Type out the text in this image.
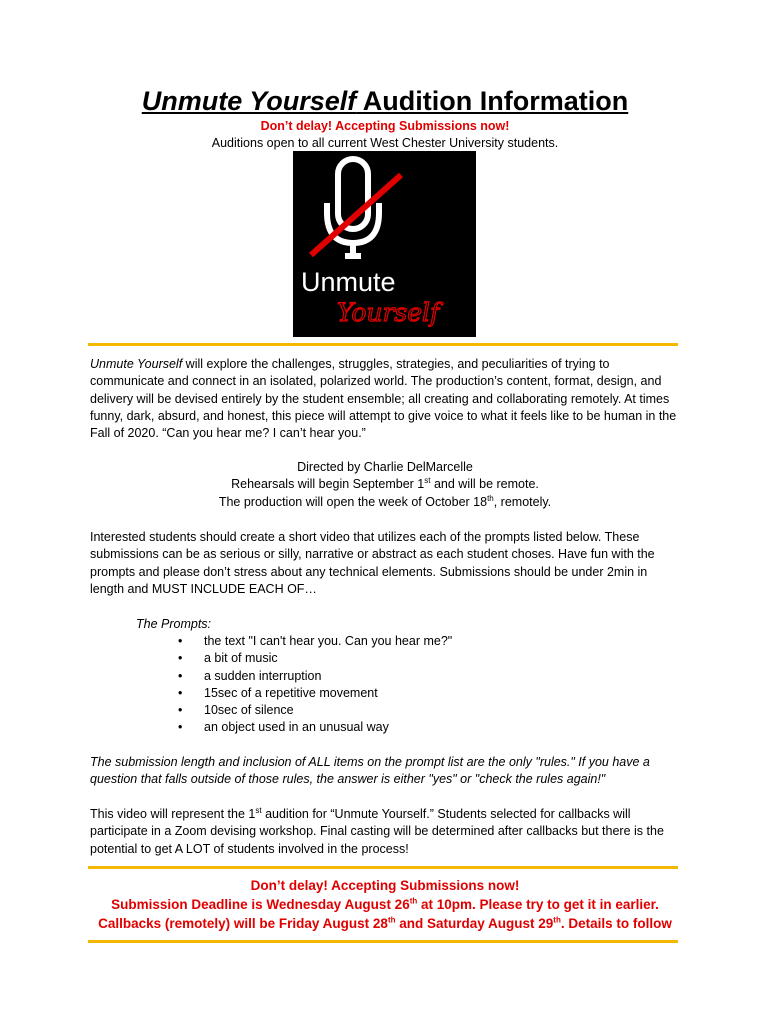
Unmute Yourself Audition Information
Don’t delay! Accepting Submissions now!
Auditions open to all current West Chester University students.
Unmute
Yourself

Unmute Yourself will explore the challenges, struggles, strategies, and peculiarities of trying to communicate and connect in an isolated, polarized world. The production’s content, format, design, and delivery will be devised entirely by the student ensemble; all creating and collaborating remotely. At times funny, dark, absurd, and honest, this piece will attempt to give voice to what it feels like to be human in the Fall of 2020. “Can you hear me? I can’t hear you.”

Directed by Charlie DelMarcelle
Rehearsals will begin September 1st and will be remote.
The production will open the week of October 18th, remotely.

Interested students should create a short video that utilizes each of the prompts listed below. These submissions can be as serious or silly, narrative or abstract as each student choses. Have fun with the prompts and please don’t stress about any technical elements. Submissions should be under 2min in length and MUST INCLUDE EACH OF…

The Prompts:
• the text "I can't hear you. Can you hear me?"
• a bit of music
• a sudden interruption
• 15sec of a repetitive movement
• 10sec of silence
• an object used in an unusual way

The submission length and inclusion of ALL items on the prompt list are the only "rules." If you have a question that falls outside of those rules, the answer is either "yes" or "check the rules again!"

This video will represent the 1st audition for “Unmute Yourself.” Students selected for callbacks will participate in a Zoom devising workshop. Final casting will be determined after callbacks but there is the potential to get A LOT of students involved in the process!

Don’t delay! Accepting Submissions now!
Submission Deadline is Wednesday August 26th at 10pm. Please try to get it in earlier.
Callbacks (remotely) will be Friday August 28th and Saturday August 29th. Details to follow
